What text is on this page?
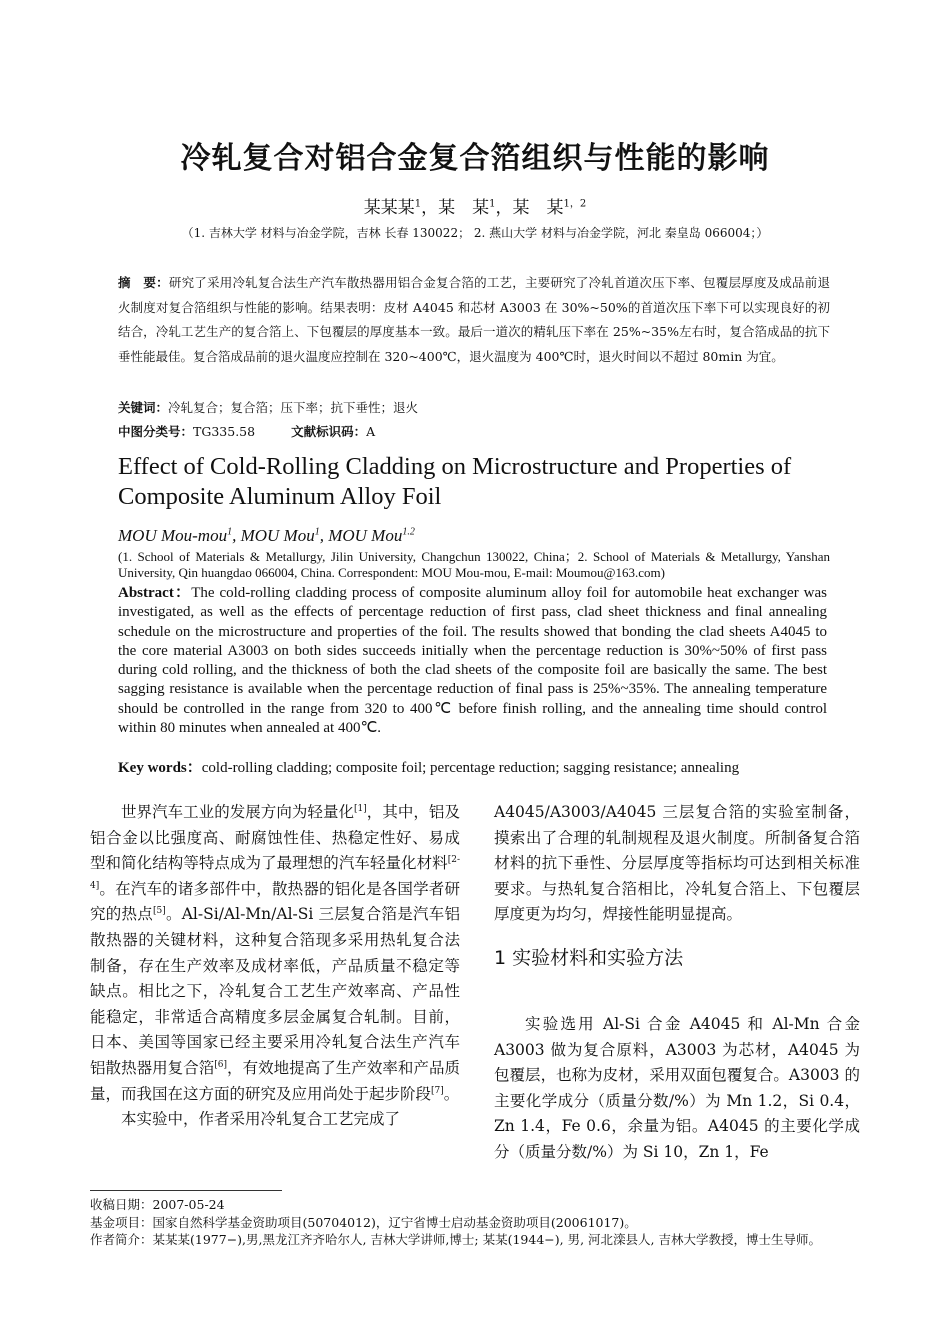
冷轧复合对铝合金复合箔组织与性能的影响
某某某$^1$，某　某$^1$，某　某$^{1,2}$
（1. 吉林大学 材料与冶金学院，吉林 长春 130022； 2. 燕山大学 材料与冶金学院，河北 秦皇岛 066004；）
摘　要：研究了采用冷轧复合法生产汽车散热器用铝合金复合箔的工艺，主要研究了冷轧首道次压下率、包覆层厚度及成品前退火制度对复合箔组织与性能的影响。结果表明：皮材 A4045 和芯材 A3003 在 30%~50%的首道次压下率下可以实现良好的初结合，冷轧工艺生产的复合箔上、下包覆层的厚度基本一致。最后一道次的精轧压下率在 25%~35%左右时，复合箔成品的抗下垂性能最佳。复合箔成品前的退火温度应控制在 320~400℃，退火温度为 400℃时，退火时间以不超过 80min 为宜。
关键词：冷轧复合；复合箔；压下率；抗下垂性；退火
中图分类号：TG335.58	文献标识码：A
Effect of Cold-Rolling Cladding on Microstructure and Properties of Composite Aluminum Alloy Foil
MOU Mou-mou$^1$, MOU Mou$^1$, MOU Mou$^{1.2}$
(1. School of Materials & Metallurgy, Jilin University, Changchun 130022, China；2. School of Materials & Metallurgy, Yanshan University, Qin huangdao 066004, China. Correspondent: MOU Mou-mou, E-mail: Moumou@163.com)
Abstract：The cold-rolling cladding process of composite aluminum alloy foil for automobile heat exchanger was investigated, as well as the effects of percentage reduction of first pass, clad sheet thickness and final annealing schedule on the microstructure and properties of the foil. The results showed that bonding the clad sheets A4045 to the core material A3003 on both sides succeeds initially when the percentage reduction is 30%~50% of first pass during cold rolling, and the thickness of both the clad sheets of the composite foil are basically the same. The best sagging resistance is available when the percentage reduction of final pass is 25%~35%. The annealing temperature should be controlled in the range from 320 to 400℃ before finish rolling, and the annealing time should control within 80 minutes when annealed at 400℃.
Key words：cold-rolling cladding; composite foil; percentage reduction; sagging resistance; annealing

世界汽车工业的发展方向为轻量化[1]，其中，铝及铝合金以比强度高、耐腐蚀性佳、热稳定性好、易成型和简化结构等特点成为了最理想的汽车轻量化材料[2-4]。在汽车的诸多部件中，散热器的铝化是各国学者研究的热点[5]。Al-Si/Al-Mn/Al-Si 三层复合箔是汽车铝散热器的关键材料，这种复合箔现多采用热轧复合法制备，存在生产效率及成材率低，产品质量不稳定等缺点。相比之下，冷轧复合工艺生产效率高、产品性能稳定，非常适合高精度多层金属复合轧制。目前，日本、美国等国家已经主要采用冷轧复合法生产汽车铝散热器用复合箔[6]，有效地提高了生产效率和产品质量，而我国在这方面的研究及应用尚处于起步阶段[7]。

本实验中，作者采用冷轧复合工艺完成了

A4045/A3003/A4045 三层复合箔的实验室制备，摸索出了合理的轧制规程及退火制度。所制备复合箔材料的抗下垂性、分层厚度等指标均可达到相关标准要求。与热轧复合箔相比，冷轧复合箔上、下包覆层厚度更为均匀，焊接性能明显提高。

1 实验材料和实验方法

实验选用 Al-Si 合金 A4045 和 Al-Mn 合金 A3003 做为复合原料，A3003 为芯材，A4045 为包覆层，也称为皮材，采用双面包覆复合。A3003 的主要化学成分（质量分数/%）为 Mn 1.2，Si 0.4，Zn 1.4，Fe 0.6，余量为铝。A4045 的主要化学成分（质量分数/%）为 Si 10，Zn 1，Fe

收稿日期：2007-05-24
基金项目：国家自然科学基金资助项目(50704012)，辽宁省博士启动基金资助项目(20061017)。
作者简介：某某某(1977−),男,黑龙江齐齐哈尔人, 吉林大学讲师,博士; 某某(1944−), 男, 河北滦县人, 吉林大学教授，博士生导师。
